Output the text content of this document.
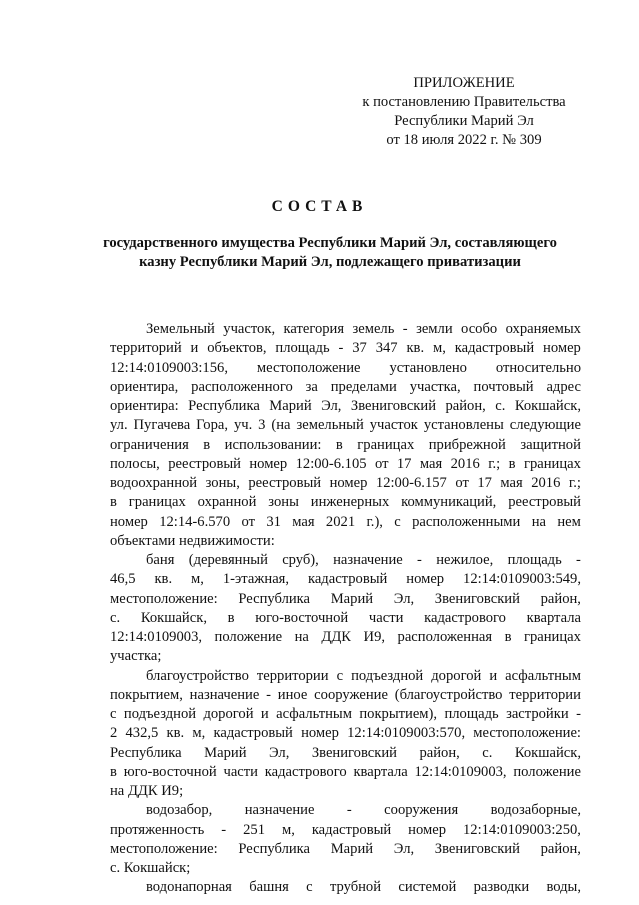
ПРИЛОЖЕНИЕ
к постановлению Правительства
Республики Марий Эл
от 18 июля 2022 г. № 309
СОСТАВ
государственного имущества Республики Марий Эл, составляющего
казну Республики Марий Эл, подлежащего приватизации
Земельный участок, категория земель - земли особо охраняемых
территорий и объектов, площадь - 37 347 кв. м, кадастровый номер
12:14:0109003:156, местоположение установлено относительно
ориентира, расположенного за пределами участка, почтовый адрес
ориентира: Республика Марий Эл, Звениговский район, с. Кокшайск,
ул. Пугачева Гора, уч. 3 (на земельный участок установлены следующие
ограничения в использовании: в границах прибрежной защитной
полосы, реестровый номер 12:00-6.105 от 17 мая 2016 г.; в границах
водоохранной зоны, реестровый номер 12:00-6.157 от 17 мая 2016 г.;
в границах охранной зоны инженерных коммуникаций, реестровый
номер 12:14-6.570 от 31 мая 2021 г.), с расположенными на нем
объектами недвижимости:
баня (деревянный сруб), назначение - нежилое, площадь -
46,5 кв. м, 1-этажная, кадастровый номер 12:14:0109003:549,
местоположение: Республика Марий Эл, Звениговский район,
с. Кокшайск, в юго-восточной части кадастрового квартала
12:14:0109003, положение на ДДК И9, расположенная в границах
участка;
благоустройство территории с подъездной дорогой и асфальтным
покрытием, назначение - иное сооружение (благоустройство территории
с подъездной дорогой и асфальтным покрытием), площадь застройки -
2 432,5 кв. м, кадастровый номер 12:14:0109003:570, местоположение:
Республика Марий Эл, Звениговский район, с. Кокшайск,
в юго-восточной части кадастрового квартала 12:14:0109003, положение
на ДДК И9;
водозабор, назначение - сооружения водозаборные,
протяженность - 251 м, кадастровый номер 12:14:0109003:250,
местоположение: Республика Марий Эл, Звениговский район,
с. Кокшайск;
водонапорная башня с трубной системой разводки воды,
